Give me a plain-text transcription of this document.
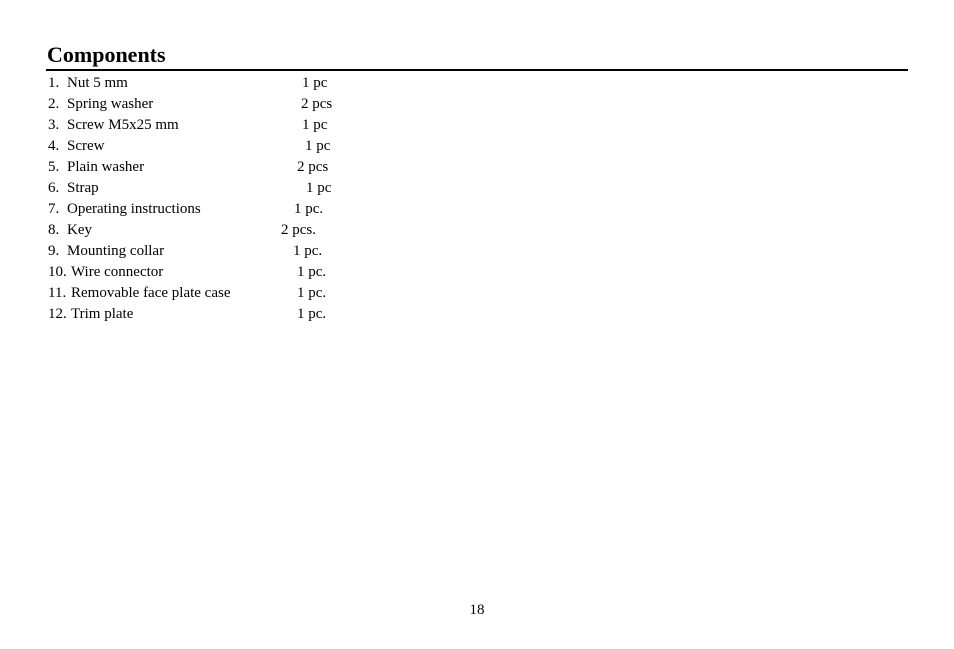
Components
1. Nut 5 mm	1 pc
2. Spring washer	2 pcs
3. Screw M5x25 mm	1 pc
4. Screw	1 pc
5. Plain washer	2 pcs
6. Strap	1 pc
7. Operating instructions	1 pc.
8. Key	2 pcs.
9. Mounting collar	1 pc.
10. Wire connector	1 pc.
11. Removable face plate case	1 pc.
12. Trim plate	1 pc.
18
